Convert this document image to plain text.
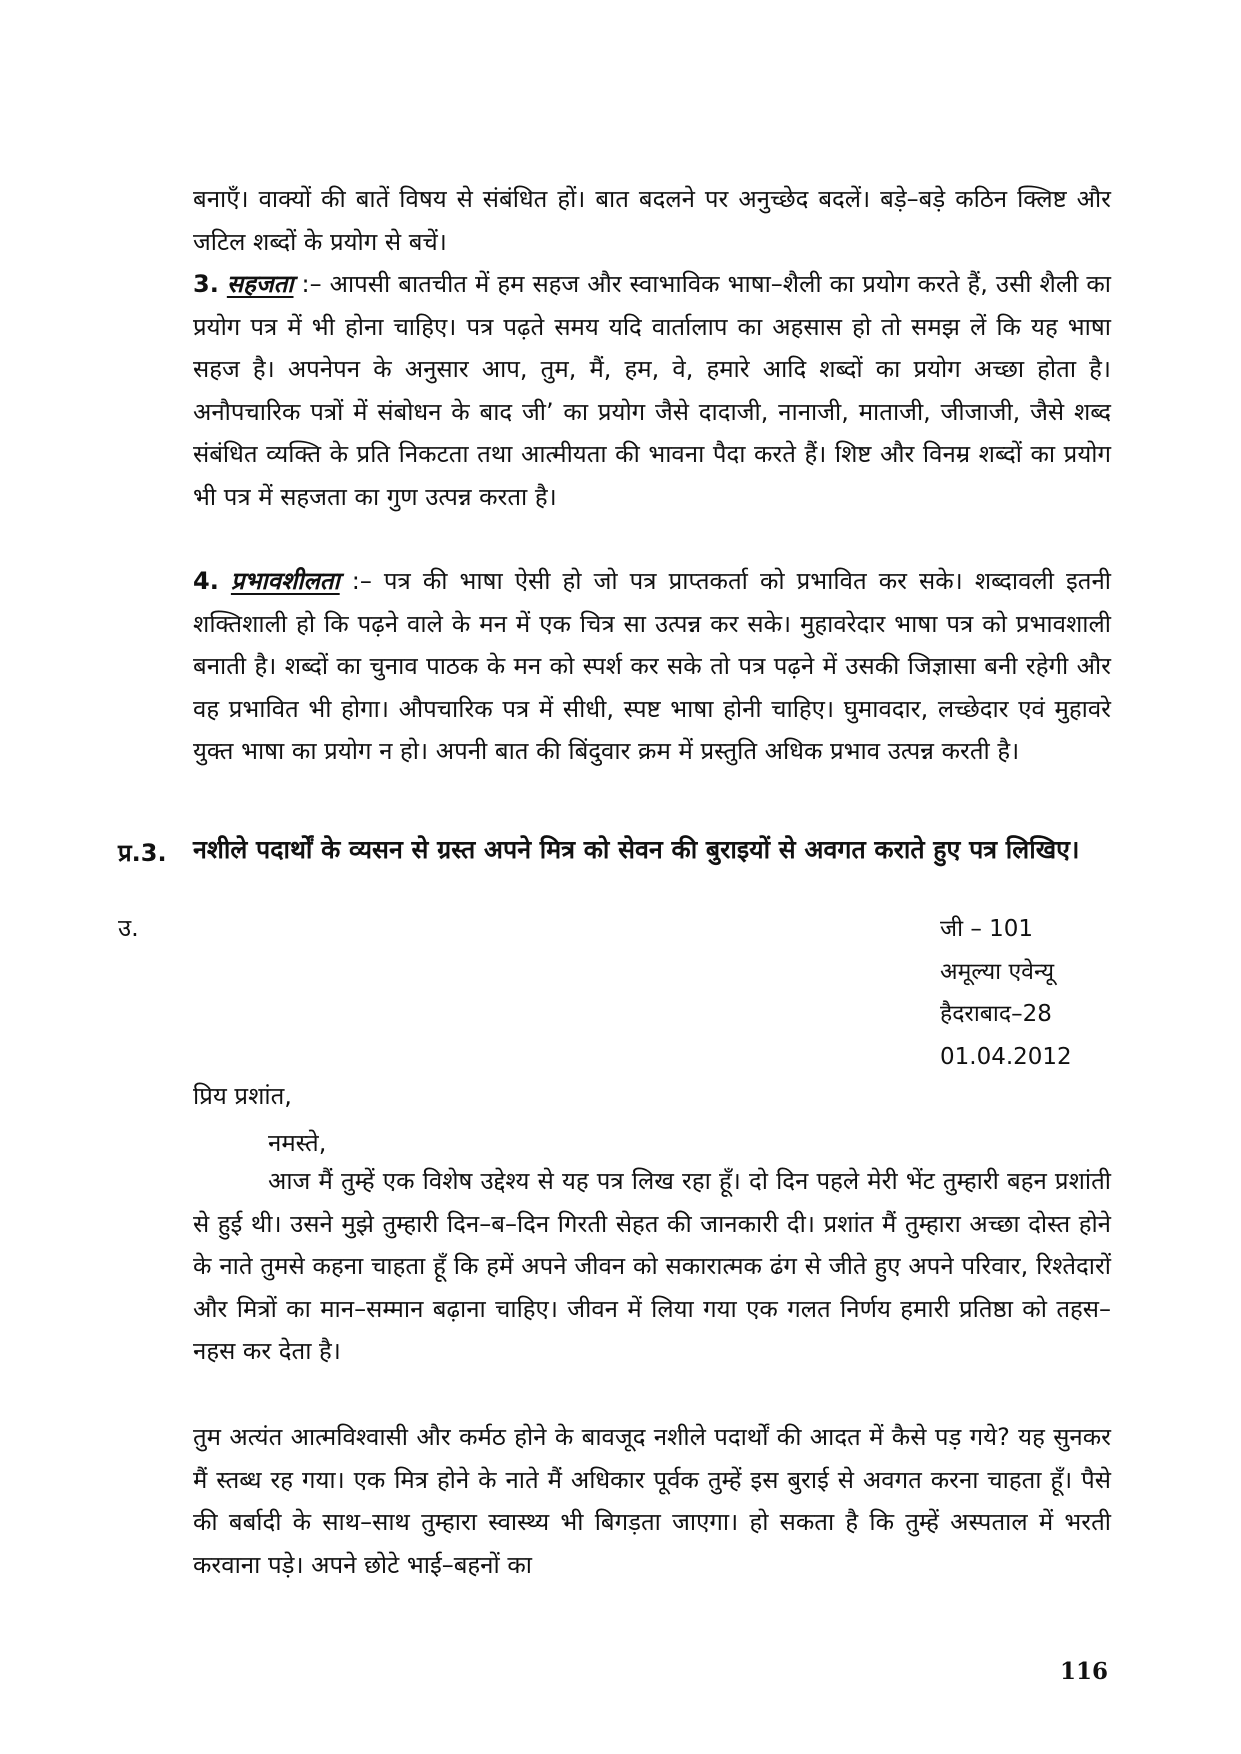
बनाएँ। वाक्यों की बातें विषय से संबंधित हों। बात बदलने पर अनुच्छेद बदलें। बड़े–बड़े कठिन क्लिष्ट और जटिल शब्दों के प्रयोग से बचें।
3. सहजता :– आपसी बातचीत में हम सहज और स्वाभाविक भाषा–शैली का प्रयोग करते हैं, उसी शैली का प्रयोग पत्र में भी होना चाहिए। पत्र पढ़ते समय यदि वार्तालाप का अहसास हो तो समझ लें कि यह भाषा सहज है। अपनेपन के अनुसार आप, तुम, मैं, हम, वे, हमारे आदि शब्दों का प्रयोग अच्छा होता है। अनौपचारिक पत्रों में संबोधन के बाद जी’ का प्रयोग जैसे दादाजी, नानाजी, माताजी, जीजाजी, जैसे शब्द संबंधित व्यक्ति के प्रति निकटता तथा आत्मीयता की भावना पैदा करते हैं। शिष्ट और विनम्र शब्दों का प्रयोग भी पत्र में सहजता का गुण उत्पन्न करता है।
4. प्रभावशीलता :– पत्र की भाषा ऐसी हो जो पत्र प्राप्तकर्ता को प्रभावित कर सके। शब्दावली इतनी शक्तिशाली हो कि पढ़ने वाले के मन में एक चित्र सा उत्पन्न कर सके। मुहावरेदार भाषा पत्र को प्रभावशाली बनाती है। शब्दों का चुनाव पाठक के मन को स्पर्श कर सके तो पत्र पढ़ने में उसकी जिज्ञासा बनी रहेगी और वह प्रभावित भी होगा। औपचारिक पत्र में सीधी, स्पष्ट भाषा होनी चाहिए। घुमावदार, लच्छेदार एवं मुहावरे युक्त भाषा का प्रयोग न हो। अपनी बात की बिंदुवार क्रम में प्रस्तुति अधिक प्रभाव उत्पन्न करती है।
प्र.3. नशीले पदार्थों के व्यसन से ग्रस्त अपने मित्र को सेवन की बुराइयों से अवगत कराते हुए पत्र लिखिए।
उ.	जी – 101
अमूल्या एवेन्यू
हैदराबाद–28
01.04.2012
प्रिय प्रशांत,
नमस्ते,
आज मैं तुम्हें एक विशेष उद्देश्य से यह पत्र लिख रहा हूँ। दो दिन पहले मेरी भेंट तुम्हारी बहन प्रशांती से हुई थी। उसने मुझे तुम्हारी दिन–ब–दिन गिरती सेहत की जानकारी दी। प्रशांत मैं तुम्हारा अच्छा दोस्त होने के नाते तुमसे कहना चाहता हूँ कि हमें अपने जीवन को सकारात्मक ढंग से जीते हुए अपने परिवार, रिश्तेदारों और मित्रों का मान–सम्मान बढ़ाना चाहिए। जीवन में लिया गया एक गलत निर्णय हमारी प्रतिष्ठा को तहस–नहस कर देता है।
तुम अत्यंत आत्मविश्वासी और कर्मठ होने के बावजूद नशीले पदार्थों की आदत में कैसे पड़ गये? यह सुनकर मैं स्तब्ध रह गया। एक मित्र होने के नाते मैं अधिकार पूर्वक तुम्हें इस बुराई से अवगत करना चाहता हूँ। पैसे की बर्बादी के साथ–साथ तुम्हारा स्वास्थ्य भी बिगड़ता जाएगा। हो सकता है कि तुम्हें अस्पताल में भरती करवाना पड़े। अपने छोटे भाई–बहनों का
116
